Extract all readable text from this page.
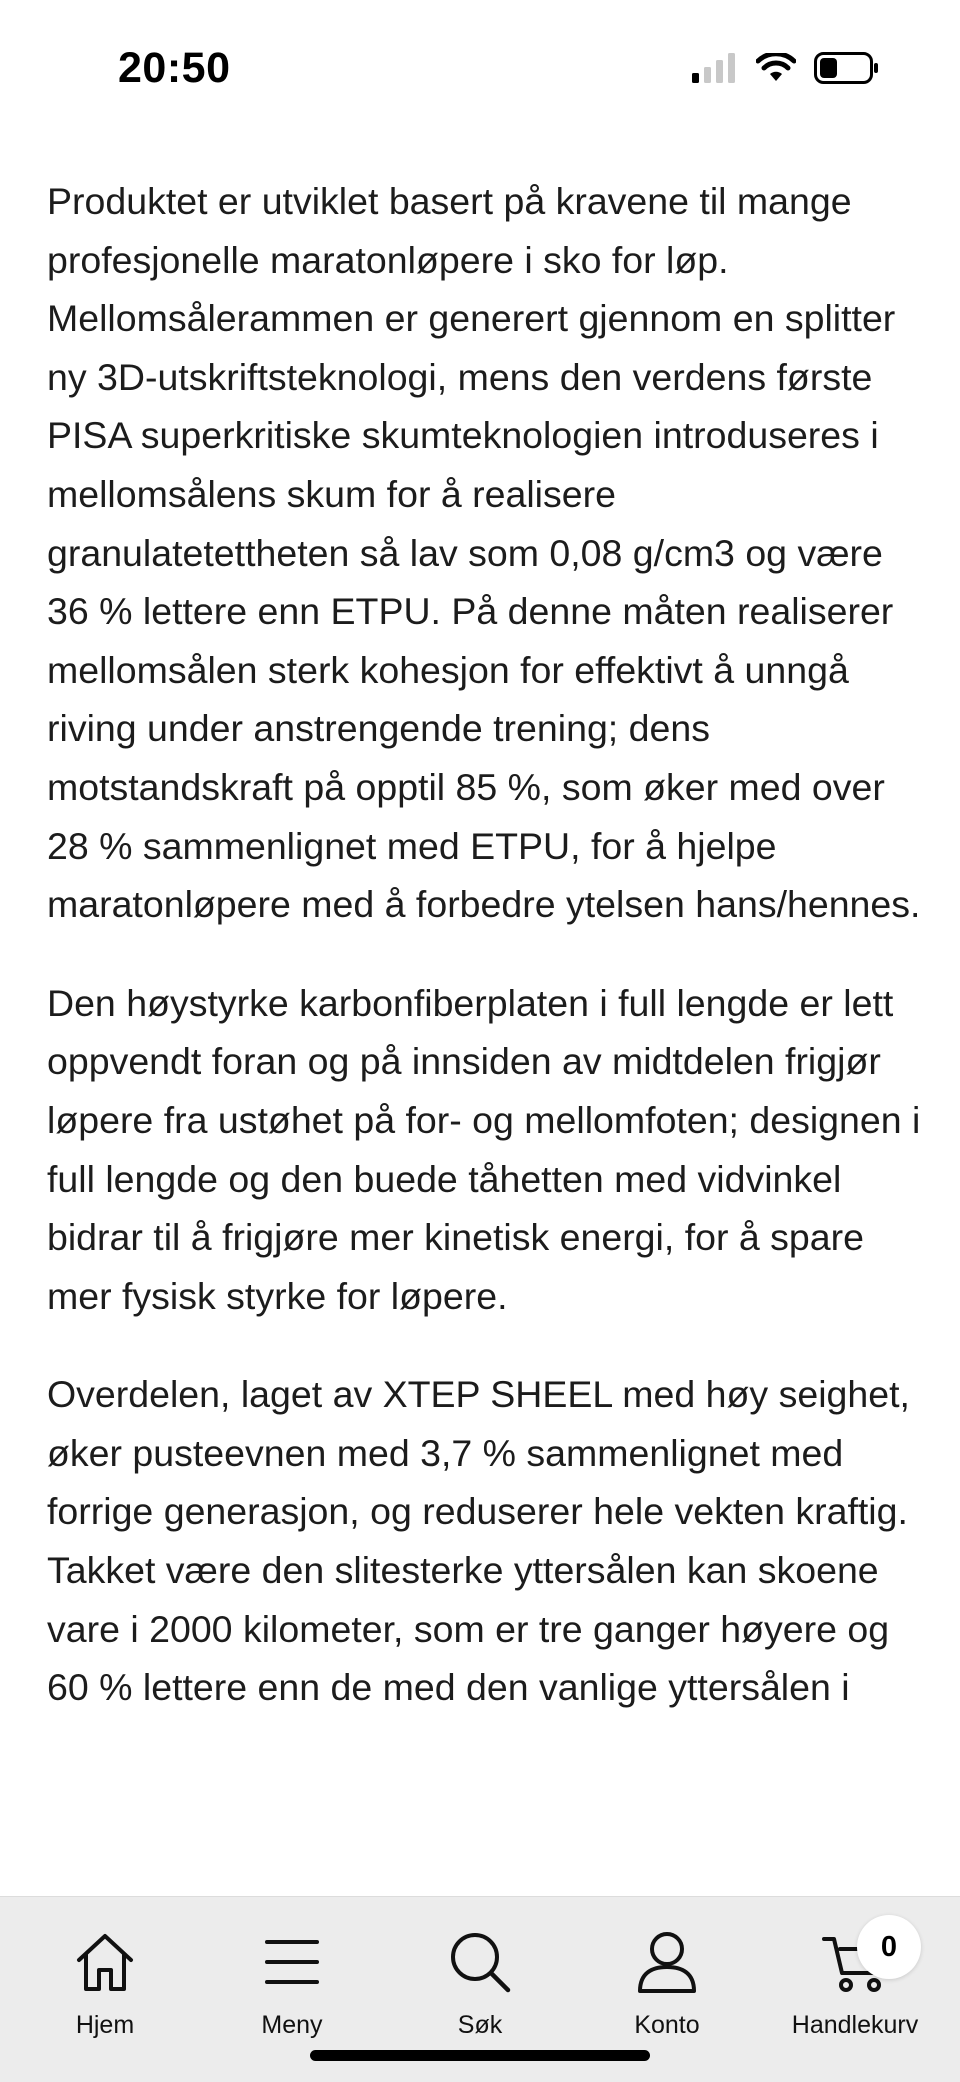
20:50

Produktet er utviklet basert på kravene til mange profesjonelle maratonløpere i sko for løp. Mellomsålerammen er generert gjennom en splitter ny 3D-utskriftsteknologi, mens den verdens første PISA superkritiske skumteknologien introduseres i mellomsålens skum for å realisere granulatetettheten så lav som 0,08 g/cm3 og være 36 % lettere enn ETPU. På denne måten realiserer mellomsålen sterk kohesjon for effektivt å unngå riving under anstrengende trening; dens motstandskraft på opptil 85 %, som øker med over 28 % sammenlignet med ETPU, for å hjelpe maratonløpere med å forbedre ytelsen hans/hennes.

Den høystyrke karbonfiberplaten i full lengde er lett oppvendt foran og på innsiden av midtdelen frigjør løpere fra ustøhet på for- og mellomfoten; designen i full lengde og den buede tåhetten med vidvinkel bidrar til å frigjøre mer kinetisk energi, for å spare mer fysisk styrke for løpere.

Overdelen, laget av XTEP SHEEL med høy seighet, øker pusteevnen med 3,7 % sammenlignet med forrige generasjon, og reduserer hele vekten kraftig. Takket være den slitesterke yttersålen kan skoene vare i 2000 kilometer, som er tre ganger høyere og 60 % lettere enn de med den vanlige yttersålen i

Hjem	Meny	Søk	Konto
0
Handlekurv
